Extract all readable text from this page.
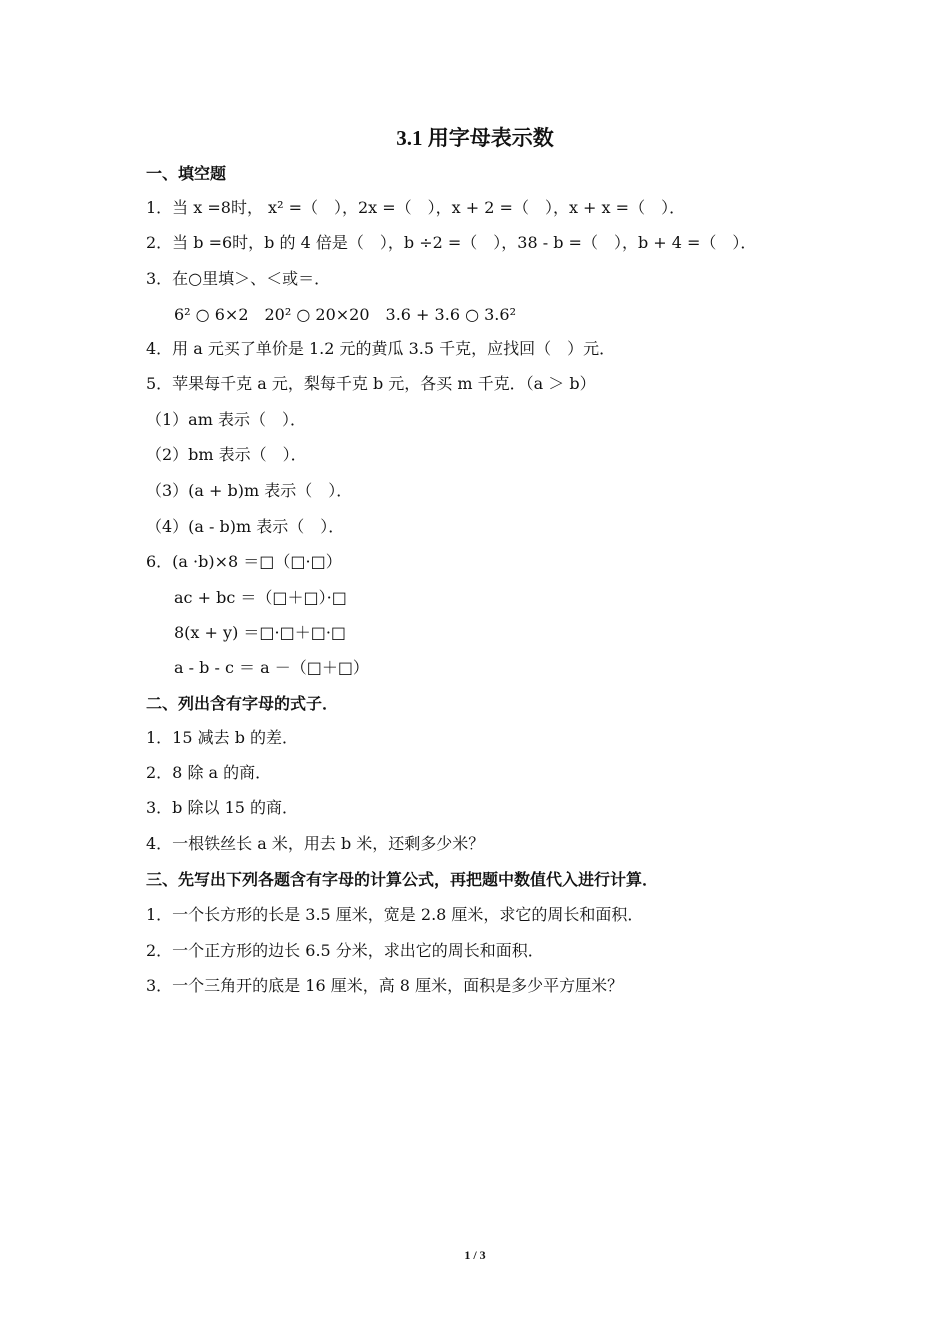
3.1 用字母表示数
一、填空题
1．当 x =8时， x² =（　），2x =（　），x + 2 =（　），x + x =（　）．
2．当 b =6时，b 的 4 倍是（　），b ÷2 =（　），38 - b =（　），b + 4 =（　）．
3．在○里填＞、＜或＝．
6² ○ 6×2　20² ○ 20×20　3.6 + 3.6 ○ 3.6²
4．用 a 元买了单价是 1.2 元的黄瓜 3.5 千克，应找回（　）元．
5．苹果每千克 a 元，梨每千克 b 元，各买 m 千克．（a ＞ b）
（1）am 表示（　）．
（2）bm 表示（　）．
（3）(a + b)m 表示（　）．
（4）(a - b)m 表示（　）．
6．(a ·b)×8 ＝□（□·□）
ac + bc ＝（□＋□）·□
8(x + y) ＝□·□＋□·□
a - b - c ＝ a －（□＋□）
二、列出含有字母的式子．
1．15 减去 b 的差．
2．8 除 a 的商．
3．b 除以 15 的商．
4．一根铁丝长 a 米，用去 b 米，还剩多少米？
三、先写出下列各题含有字母的计算公式，再把题中数值代入进行计算．
1．一个长方形的长是 3.5 厘米，宽是 2.8 厘米，求它的周长和面积．
2．一个正方形的边长 6.5 分米，求出它的周长和面积．
3．一个三角开的底是 16 厘米，高 8 厘米，面积是多少平方厘米？
1 / 3
